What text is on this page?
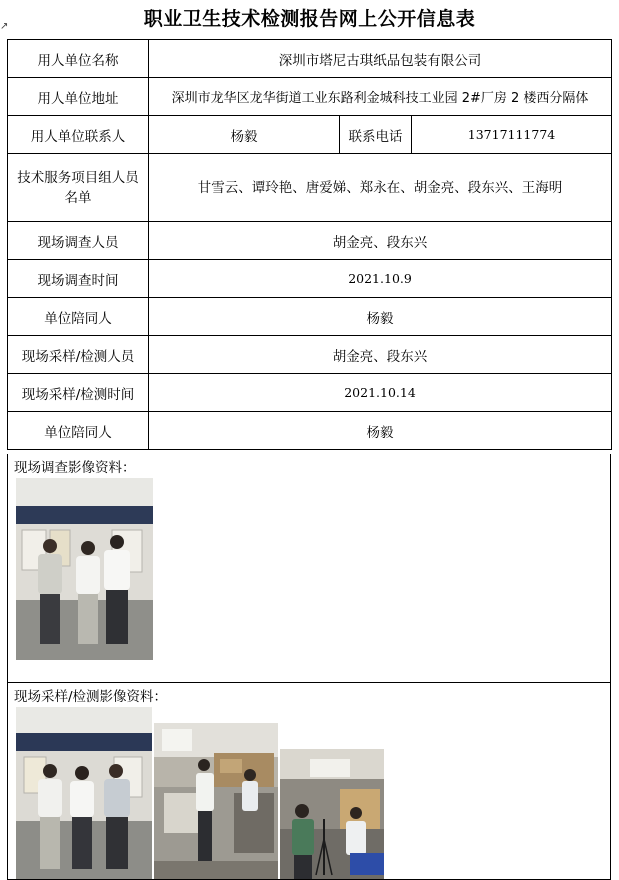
职业卫生技术检测报告网上公开信息表
↗
用人单位名称	深圳市塔尼古琪纸品包装有限公司		
用人单位地址	深圳市龙华区龙华街道工业东路利金城科技工业园 2#厂房 2 楼西分隔体		
用人单位联系人	杨毅	联系电话	13717111774
技术服务项目组人员名单	甘雪云、谭玲艳、唐爱娣、郑永在、胡金亮、段东兴、王海明		
现场调查人员	胡金亮、段东兴		
现场调查时间	2021.10.9		
单位陪同人	杨毅		
现场采样/检测人员	胡金亮、段东兴		
现场采样/检测时间	2021.10.14		
单位陪同人	杨毅		
现场调查影像资料：
现场采样/检测影像资料：
